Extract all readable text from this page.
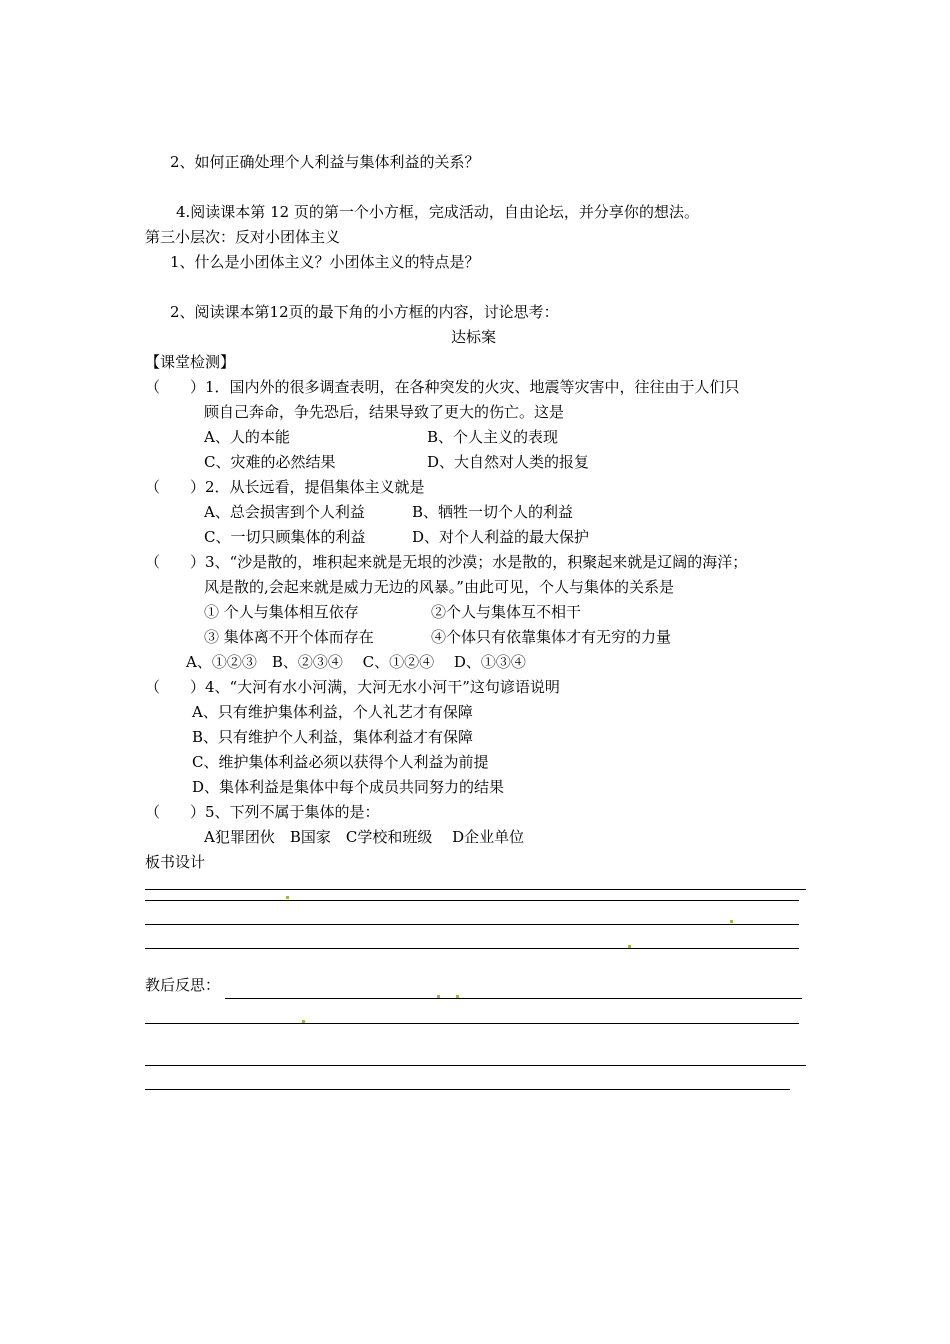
2、如何正确处理个人利益与集体利益的关系？
4.阅读课本第 12 页的第一个小方框，完成活动，自由论坛，并分享你的想法。
第三小层次：反对小团体主义
1、什么是小团体主义？小团体主义的特点是？
2、阅读课本第12页的最下角的小方框的内容，讨论思考：
达标案
【课堂检测】
（　　）1．国内外的很多调查表明，在各种突发的火灾、地震等灾害中，往往由于人们只
顾自己奔命，争先恐后，结果导致了更大的伤亡。这是
A、人的本能	B、个人主义的表现
C、灾难的必然结果	D、大自然对人类的报复
（　　）2．从长远看，提倡集体主义就是
A、总会损害到个人利益	B、牺牲一切个人的利益
C、一切只顾集体的利益	D、对个人利益的最大保护
（　　）3、“沙是散的，堆积起来就是无垠的沙漠；水是散的，积聚起来就是辽阔的海洋；
风是散的,会起来就是威力无边的风暴。”由此可见，个人与集体的关系是
① 个人与集体相互依存	②个人与集体互不相干
③ 集体离不开个体而存在	④个体只有依靠集体才有无穷的力量
A、①②③　B、②③④　 C、①②④　 D、①③④
（　　）4、“大河有水小河满，大河无水小河干”这句谚语说明
A、只有维护集体利益，个人礼艺才有保障
B、只有维护个人利益，集体利益才有保障
C、维护集体利益必须以获得个人利益为前提
D、集体利益是集体中每个成员共同努力的结果
（　　）5、下列不属于集体的是：
A犯罪团伙　B国家　C学校和班级　 D企业单位
板书设计
教后反思：
